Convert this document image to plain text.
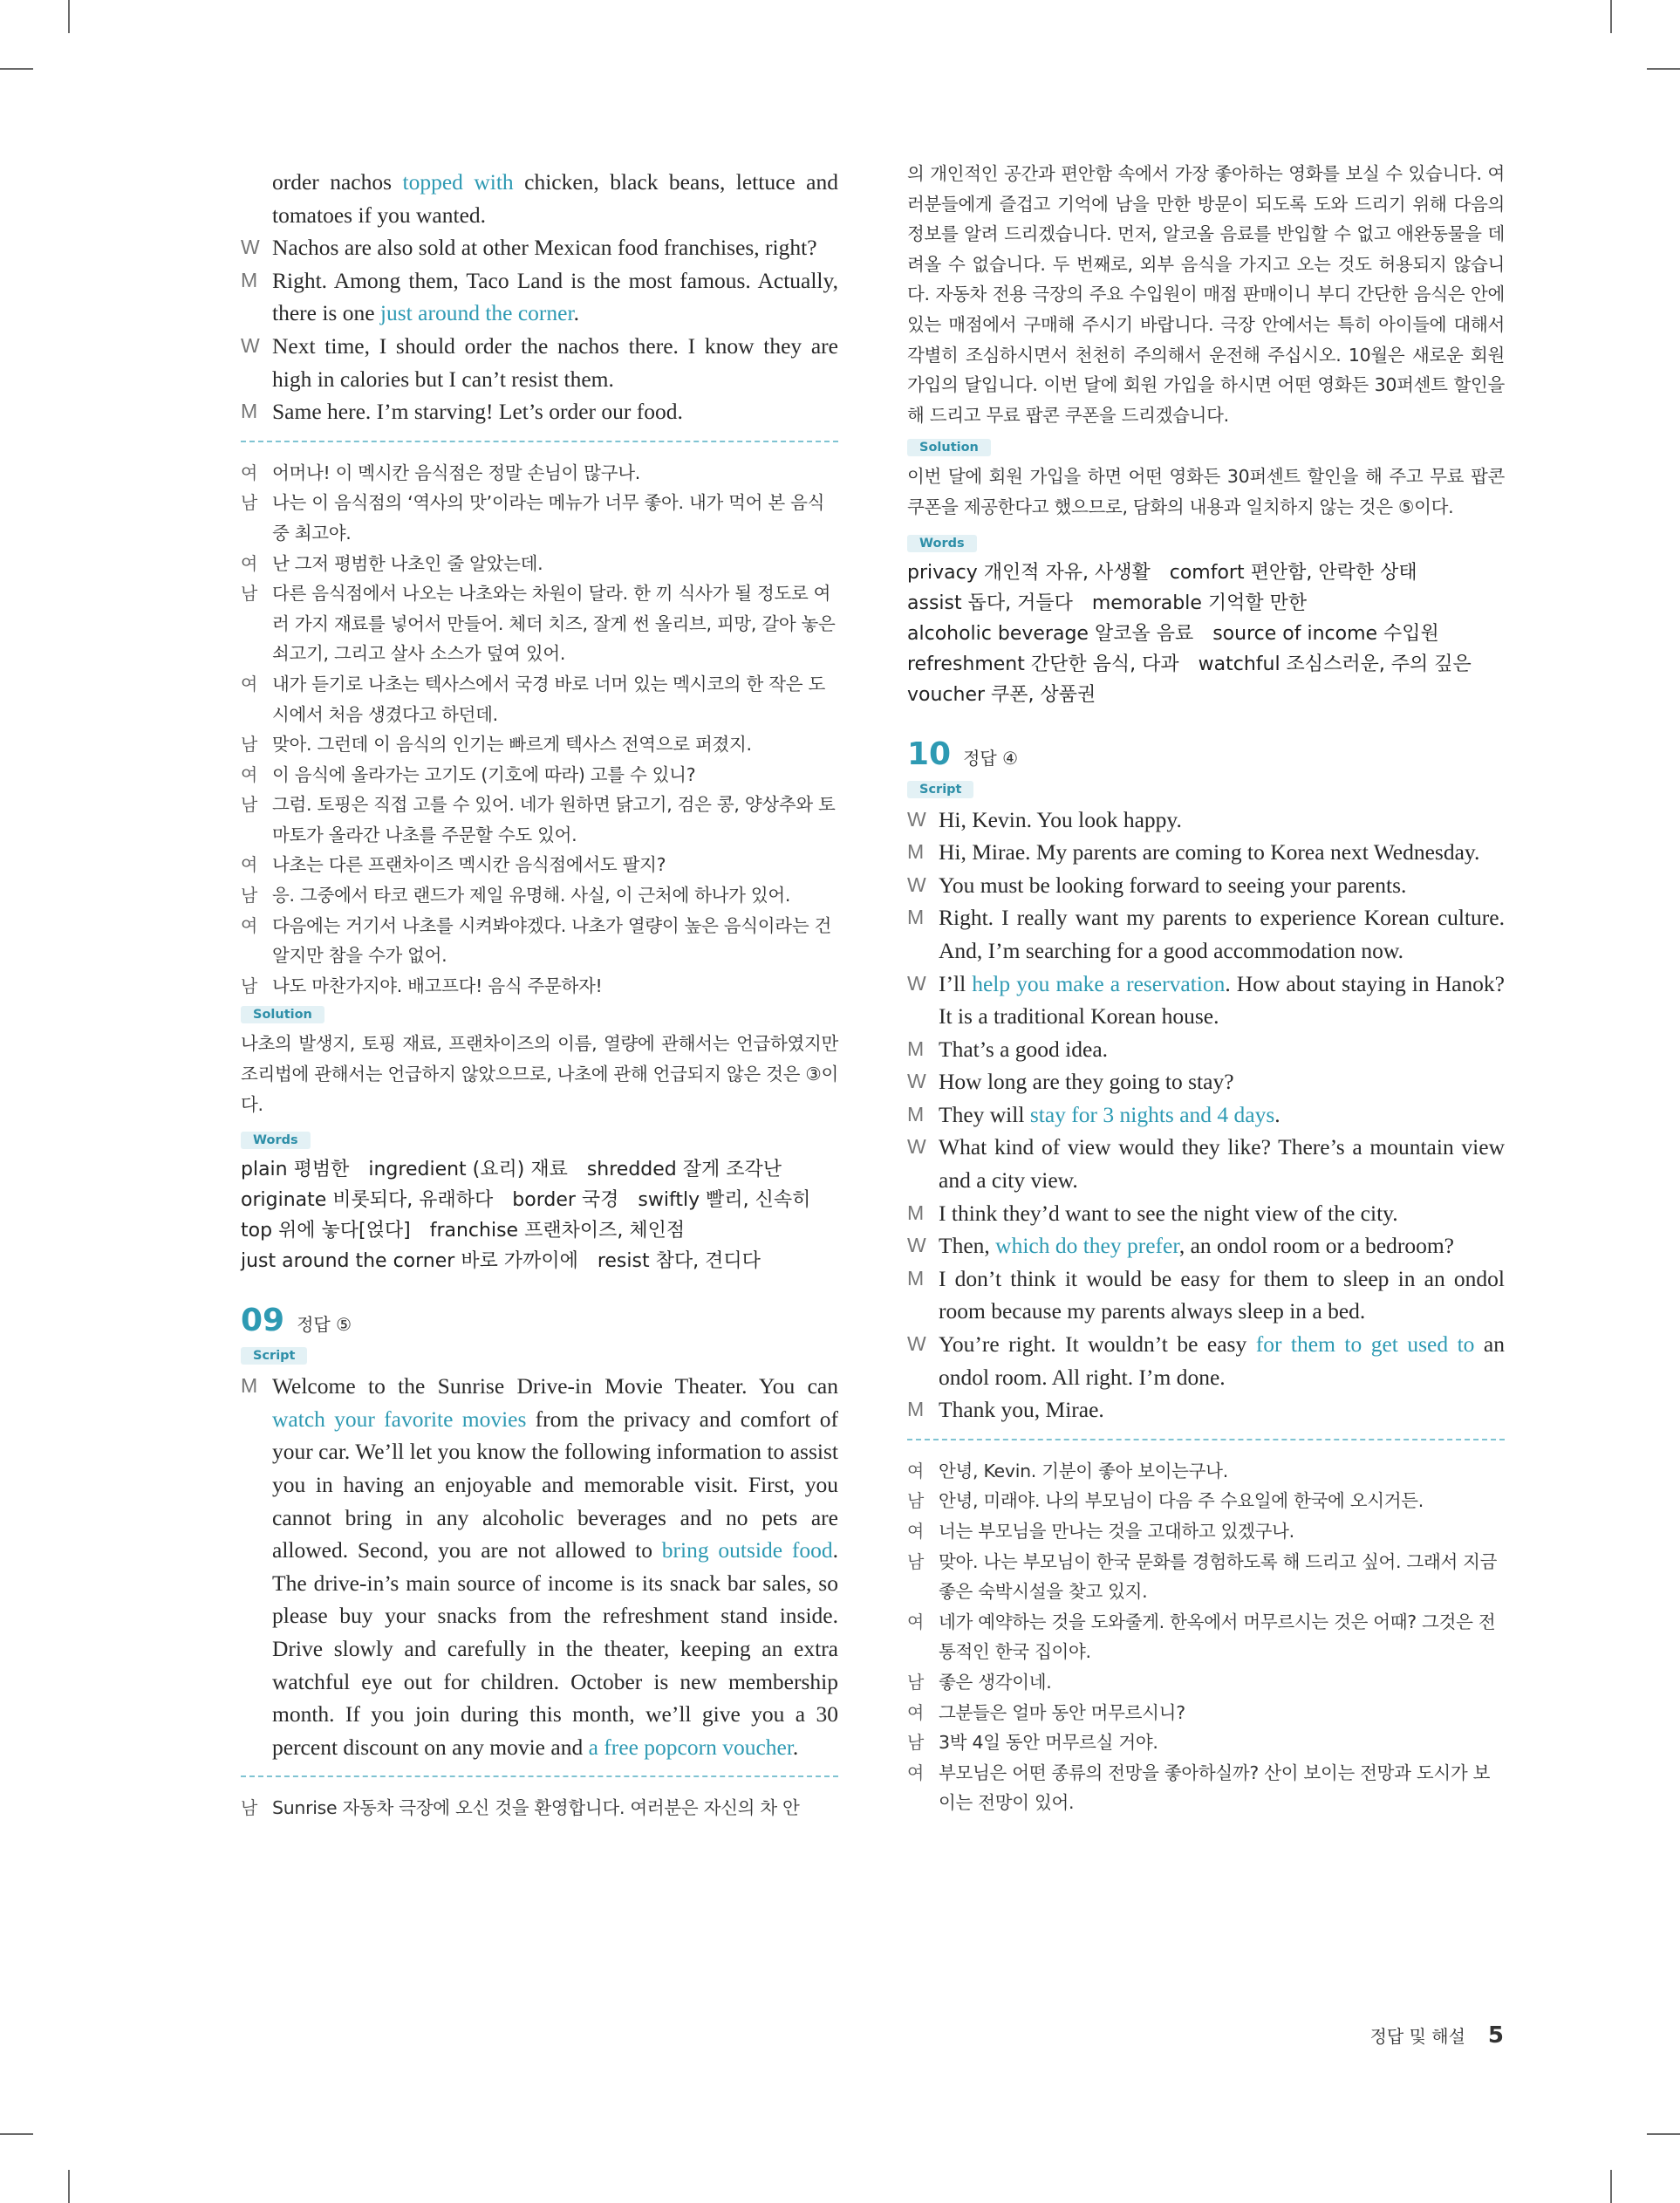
order nachos topped with chicken, black beans, lettuce and tomatoes if you wanted.
W Nachos are also sold at other Mexican food franchises, right?
M Right. Among them, Taco Land is the most famous. Actually, there is one just around the corner.
W Next time, I should order the nachos there. I know they are high in calories but I can’t resist them.
M Same here. I’m starving! Let’s order our food.
여 어머나! 이 멕시칸 음식점은 정말 손님이 많구나.
남 나는 이 음식점의 ‘역사의 맛’이라는 메뉴가 너무 좋아. 내가 먹어 본 음식 중 최고야.
여 난 그저 평범한 나초인 줄 알았는데.
남 다른 음식점에서 나오는 나초와는 차원이 달라. 한 끼 식사가 될 정도로 여러 가지 재료를 넣어서 만들어. 체더 치즈, 잘게 썬 올리브, 피망, 갈아 놓은 쇠고기, 그리고 살사 소스가 덮여 있어.
여 내가 듣기로 나초는 텍사스에서 국경 바로 너머 있는 멕시코의 한 작은 도시에서 처음 생겼다고 하던데.
남 맞아. 그런데 이 음식의 인기는 빠르게 텍사스 전역으로 퍼졌지.
여 이 음식에 올라가는 고기도 (기호에 따라) 고를 수 있니?
남 그럼. 토핑은 직접 고를 수 있어. 네가 원하면 닭고기, 검은 콩, 양상추와 토마토가 올라간 나초를 주문할 수도 있어.
여 나초는 다른 프랜차이즈 멕시칸 음식점에서도 팔지?
남 응. 그중에서 타코 랜드가 제일 유명해. 사실, 이 근처에 하나가 있어.
여 다음에는 거기서 나초를 시켜봐야겠다. 나초가 열량이 높은 음식이라는 건 알지만 참을 수가 없어.
남 나도 마찬가지야. 배고프다! 음식 주문하자!
Solution
나초의 발생지, 토핑 재료, 프랜차이즈의 이름, 열량에 관해서는 언급하였지만 조리법에 관해서는 언급하지 않았으므로, 나초에 관해 언급되지 않은 것은 ③이다.
Words
plain 평범한 ingredient (요리) 재료 shredded 잘게 조각난
originate 비롯되다, 유래하다 border 국경 swiftly 빨리, 신속히
top 위에 놓다[얹다] franchise 프랜차이즈, 체인점
just around the corner 바로 가까이에 resist 참다, 견디다
09 정답 ⑤
Script
M Welcome to the Sunrise Drive-in Movie Theater. You can watch your favorite movies from the privacy and comfort of your car. We’ll let you know the following information to assist you in having an enjoyable and memorable visit. First, you cannot bring in any alcoholic beverages and no pets are allowed. Second, you are not allowed to bring outside food. The drive-in’s main source of income is its snack bar sales, so please buy your snacks from the refreshment stand inside. Drive slowly and carefully in the theater, keeping an extra watchful eye out for children. October is new membership month. If you join during this month, we’ll give you a 30 percent discount on any movie and a free popcorn voucher.
남 Sunrise 자동차 극장에 오신 것을 환영합니다. 여러분은 자신의 차 안
의 개인적인 공간과 편안함 속에서 가장 좋아하는 영화를 보실 수 있습니다. 여러분들에게 즐겁고 기억에 남을 만한 방문이 되도록 도와 드리기 위해 다음의 정보를 알려 드리겠습니다. 먼저, 알코올 음료를 반입할 수 없고 애완동물을 데려올 수 없습니다. 두 번째로, 외부 음식을 가지고 오는 것도 허용되지 않습니다. 자동차 전용 극장의 주요 수입원이 매점 판매이니 부디 간단한 음식은 안에 있는 매점에서 구매해 주시기 바랍니다. 극장 안에서는 특히 아이들에 대해서 각별히 조심하시면서 천천히 주의해서 운전해 주십시오. 10월은 새로운 회원 가입의 달입니다. 이번 달에 회원 가입을 하시면 어떤 영화든 30퍼센트 할인을 해 드리고 무료 팝콘 쿠폰을 드리겠습니다.
Solution
이번 달에 회원 가입을 하면 어떤 영화든 30퍼센트 할인을 해 주고 무료 팝콘 쿠폰을 제공한다고 했으므로, 담화의 내용과 일치하지 않는 것은 ⑤이다.
Words
privacy 개인적 자유, 사생활 comfort 편안함, 안락한 상태
assist 돕다, 거들다 memorable 기억할 만한
alcoholic beverage 알코올 음료 source of income 수입원
refreshment 간단한 음식, 다과 watchful 조심스러운, 주의 깊은
voucher 쿠폰, 상품권
10 정답 ④
Script
W Hi, Kevin. You look happy.
M Hi, Mirae. My parents are coming to Korea next Wednesday.
W You must be looking forward to seeing your parents.
M Right. I really want my parents to experience Korean culture. And, I’m searching for a good accommodation now.
W I’ll help you make a reservation. How about staying in Hanok? It is a traditional Korean house.
M That’s a good idea.
W How long are they going to stay?
M They will stay for 3 nights and 4 days.
W What kind of view would they like? There’s a mountain view and a city view.
M I think they’d want to see the night view of the city.
W Then, which do they prefer, an ondol room or a bedroom?
M I don’t think it would be easy for them to sleep in an ondol room because my parents always sleep in a bed.
W You’re right. It wouldn’t be easy for them to get used to an ondol room. All right. I’m done.
M Thank you, Mirae.
여 안녕, Kevin. 기분이 좋아 보이는구나.
남 안녕, 미래야. 나의 부모님이 다음 주 수요일에 한국에 오시거든.
여 너는 부모님을 만나는 것을 고대하고 있겠구나.
남 맞아. 나는 부모님이 한국 문화를 경험하도록 해 드리고 싶어. 그래서 지금 좋은 숙박시설을 찾고 있지.
여 네가 예약하는 것을 도와줄게. 한옥에서 머무르시는 것은 어때? 그것은 전통적인 한국 집이야.
남 좋은 생각이네.
여 그분들은 얼마 동안 머무르시니?
남 3박 4일 동안 머무르실 거야.
여 부모님은 어떤 종류의 전망을 좋아하실까? 산이 보이는 전망과 도시가 보이는 전망이 있어.
정답 및 해설 5
